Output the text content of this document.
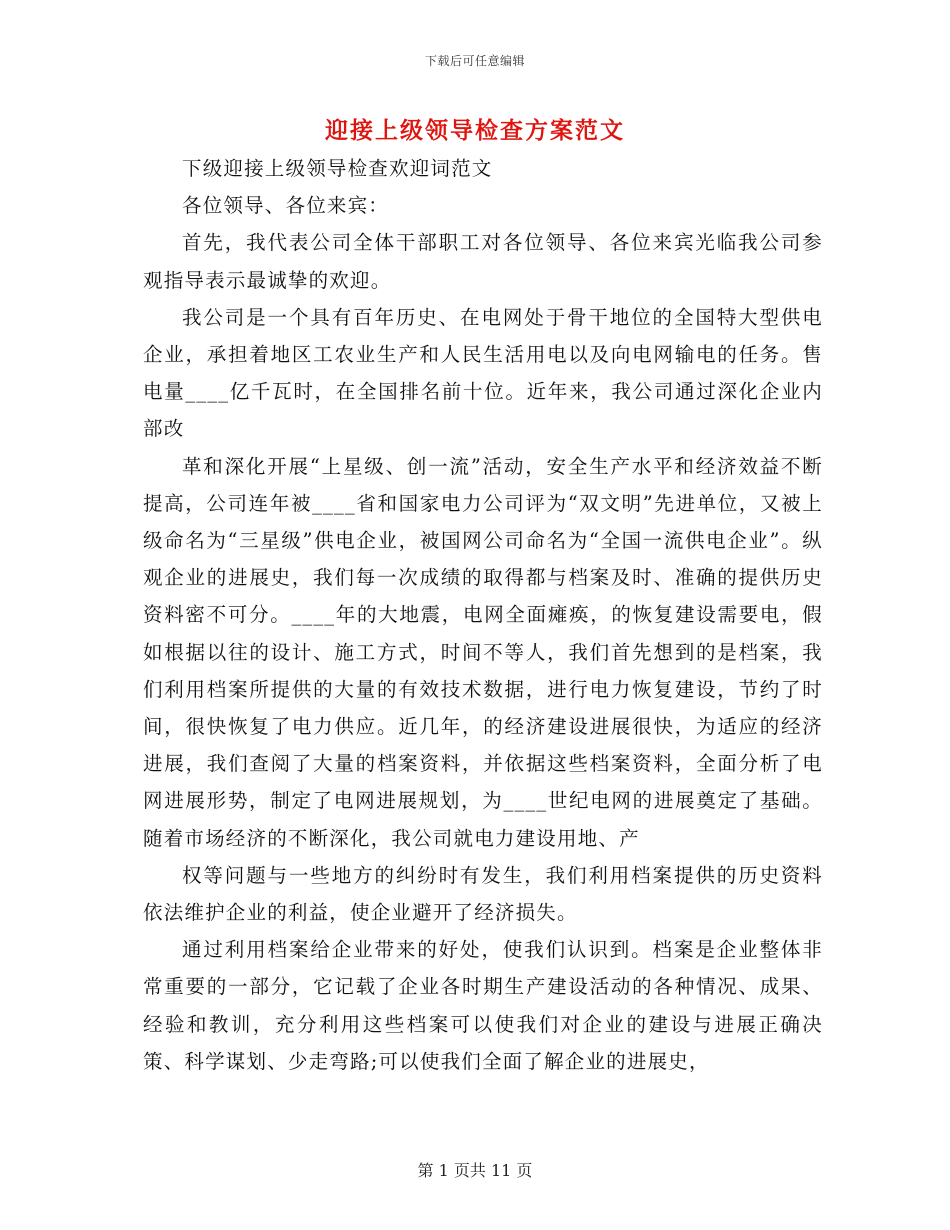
下载后可任意编辑
迎接上级领导检查方案范文

下级迎接上级领导检查欢迎词范文

各位领导、各位来宾：

首先，我代表公司全体干部职工对各位领导、各位来宾光临我公司参观指导表示最诚挚的欢迎。

我公司是一个具有百年历史、在电网处于骨干地位的全国特大型供电企业，承担着地区工农业生产和人民生活用电以及向电网输电的任务。售电量____亿千瓦时，在全国排名前十位。近年来，我公司通过深化企业内部改

革和深化开展“上星级、创一流”活动，安全生产水平和经济效益不断提高，公司连年被____省和国家电力公司评为“双文明”先进单位，又被上级命名为“三星级”供电企业，被国网公司命名为“全国一流供电企业”。纵观企业的进展史，我们每一次成绩的取得都与档案及时、准确的提供历史资料密不可分。____年的大地震，电网全面瘫痪，的恢复建设需要电，假如根据以往的设计、施工方式，时间不等人，我们首先想到的是档案，我们利用档案所提供的大量的有效技术数据，进行电力恢复建设，节约了时间，很快恢复了电力供应。近几年，的经济建设进展很快，为适应的经济进展，我们查阅了大量的档案资料，并依据这些档案资料，全面分析了电网进展形势，制定了电网进展规划，为____世纪电网的进展奠定了基础。随着市场经济的不断深化，我公司就电力建设用地、产

权等问题与一些地方的纠纷时有发生，我们利用档案提供的历史资料依法维护企业的利益，使企业避开了经济损失。

通过利用档案给企业带来的好处，使我们认识到。档案是企业整体非常重要的一部分，它记载了企业各时期生产建设活动的各种情况、成果、经验和教训，充分利用这些档案可以使我们对企业的建设与进展正确决策、科学谋划、少走弯路;可以使我们全面了解企业的进展史，

第 1 页共 11 页
